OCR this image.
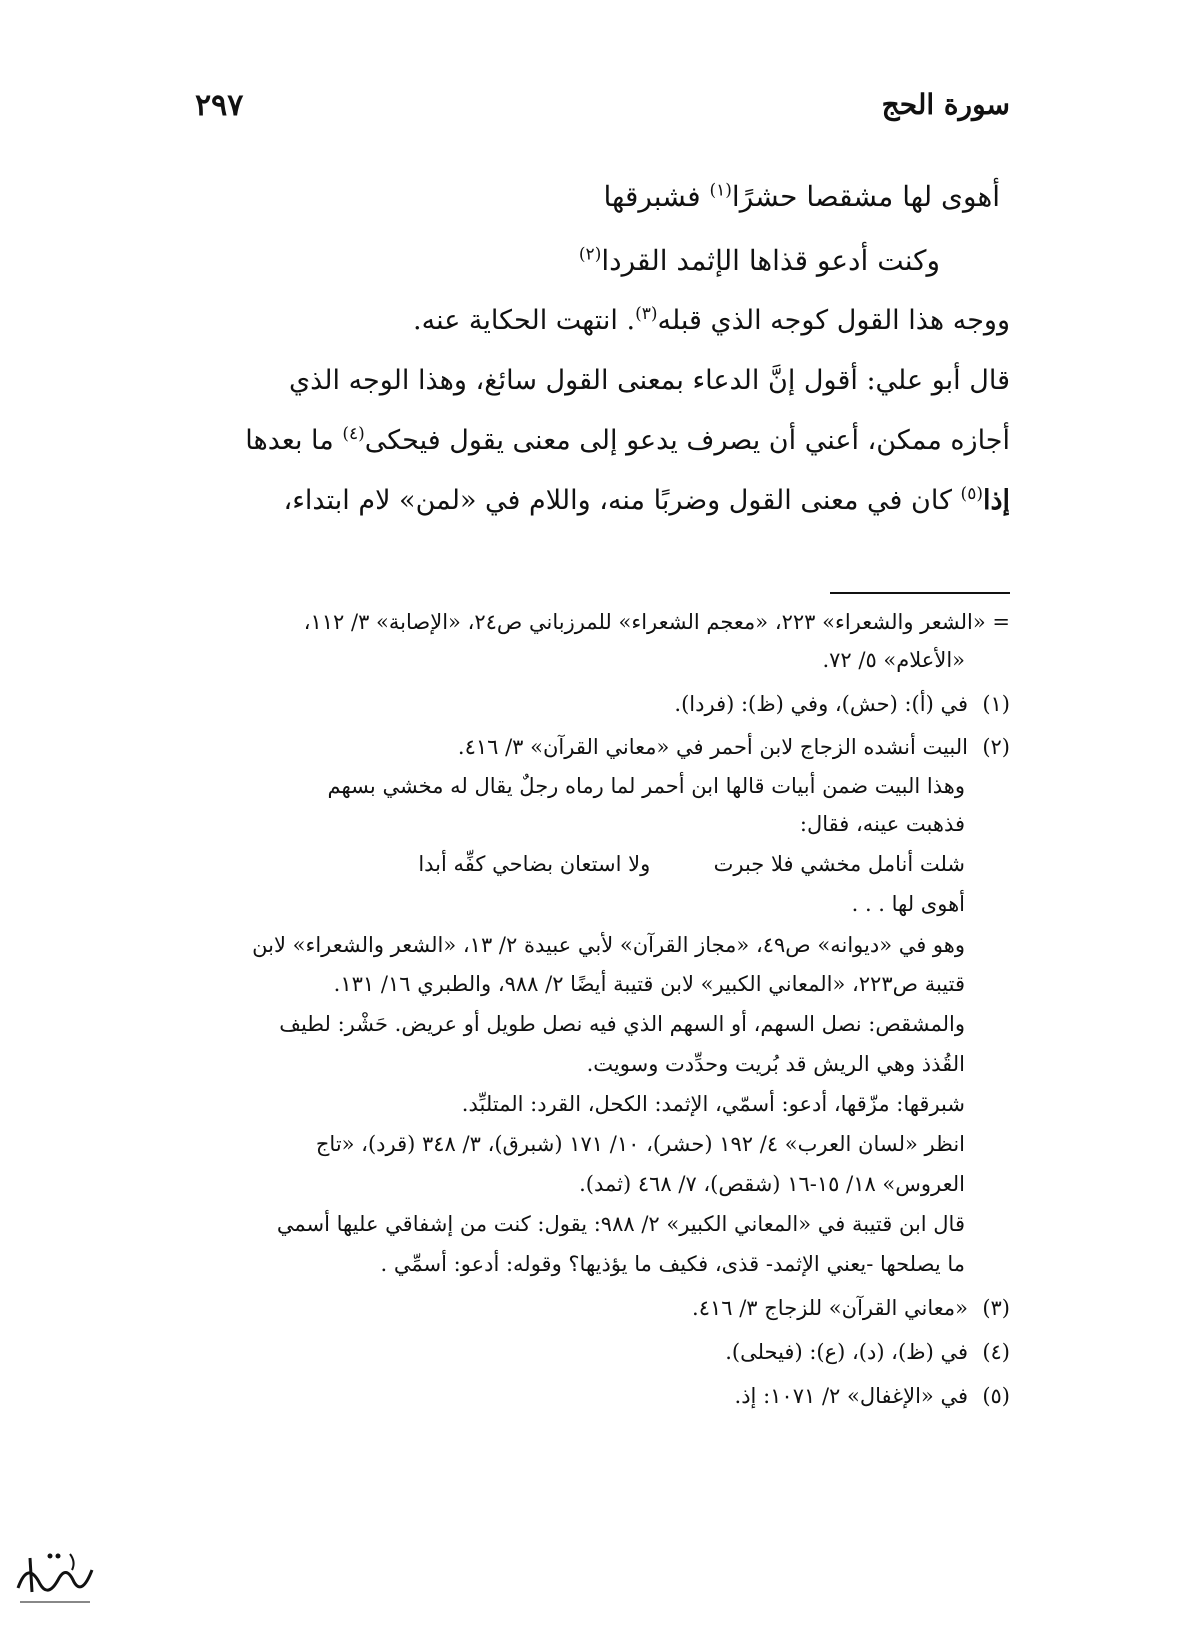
سورة الحج
٢٩٧
أهوى لها مشقصا حشرًا$^{(١)}$ فشبرقها
وكنت أدعو قذاها الإثمد القردا$^{(٢)}$
ووجه هذا القول كوجه الذي قبله$^{(٣)}$. انتهت الحكاية عنه.
قال أبو علي: أقول إنَّ الدعاء بمعنى القول سائغ، وهذا الوجه الذي
أجازه ممكن، أعني أن يصرف يدعو إلى معنى يقول فيحكى$^{(٤)}$ ما بعدها
إذا$^{(٥)}$ كان في معنى القول وضربًا منه، واللام في «لمن» لام ابتداء،
= «الشعر والشعراء» ٢٢٣، «معجم الشعراء» للمرزباني ص٢٤، «الإصابة» ٣/ ١١٢،
«الأعلام» ٥/ ٧٢.
(١)في (أ): (حش)، وفي (ظ): (فردا).
(٢)البيت أنشده الزجاج لابن أحمر في «معاني القرآن» ٣/ ٤١٦.
وهذا البيت ضمن أبيات قالها ابن أحمر لما رماه رجلٌ يقال له مخشي بسهم
فذهبت عينه، فقال:
شلت أنامل مخشي فلا جبرت  ولا استعان بضاحي كفِّه أبدا
أهوى لها . . .
وهو في «ديوانه» ص٤٩، «مجاز القرآن» لأبي عبيدة ٢/ ١٣، «الشعر والشعراء» لابن
قتيبة ص٢٢٣، «المعاني الكبير» لابن قتيبة أيضًا ٢/ ٩٨٨، والطبري ١٦/ ١٣١.
والمشقص: نصل السهم، أو السهم الذي فيه نصل طويل أو عريض. حَشْر: لطيف
القُذذ وهي الريش قد بُريت وحدِّدت وسويت.
شبرقها: مزّقها، أدعو: أسمّي، الإثمد: الكحل، القرد: المتلبِّد.
انظر «لسان العرب» ٤/ ١٩٢ (حشر)، ١٠/ ١٧١ (شبرق)، ٣/ ٣٤٨ (قرد)، «تاج
العروس» ١٨/ ١٥-١٦ (شقص)، ٧/ ٤٦٨ (ثمد).
قال ابن قتيبة في «المعاني الكبير» ٢/ ٩٨٨: يقول: كنت من إشفاقي عليها أسمي
ما يصلحها -يعني الإثمد- قذى، فكيف ما يؤذيها؟ وقوله: أدعو: أسمِّي .
(٣)«معاني القرآن» للزجاج ٣/ ٤١٦.
(٤)في (ظ)، (د)، (ع): (فيحلى).
(٥)في «الإغفال» ٢/ ١٠٧١: إذ.
